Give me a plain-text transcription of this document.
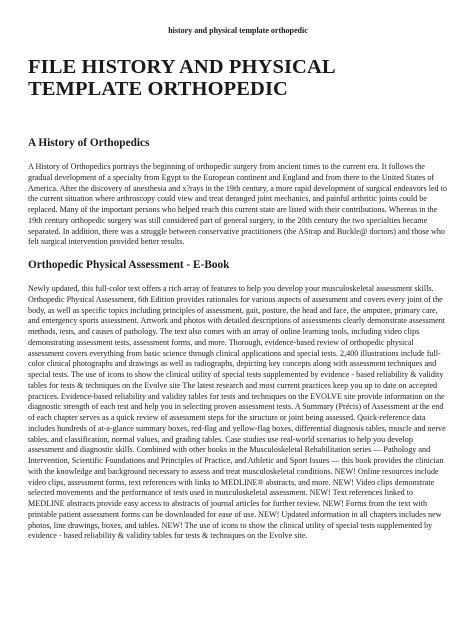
history and physical template orthopedic
FILE HISTORY AND PHYSICAL TEMPLATE ORTHOPEDIC
A History of Orthopedics

A History of Orthopedics portrays the beginning of orthopedic surgery from ancient times to the current era. It follows the gradual development of a specialty from Egypt to the European continent and England and from there to the United States of America. After the discovery of anesthesia and x?rays in the 19th century, a more rapid development of surgical endeavors led to the current situation where arthroscopy could view and treat deranged joint mechanics, and painful arthritic joints could be replaced. Many of the important persons who helped reach this current state are listed with their contributions. Whereas in the 19th century orthopedic surgery was still considered part of general surgery, in the 20th century the two specialties became separated. In addition, there was a struggle between conservative practitioners (the AStrap and Buckle@ doctors) and those who felt surgical intervention provided better results.

Orthopedic Physical Assessment - E-Book

Newly updated, this full-color text offers a rich array of features to help you develop your musculoskeletal assessment skills. Orthopedic Physical Assessment, 6th Edition provides rationales for various aspects of assessment and covers every joint of the body, as well as specific topics including principles of assessment, gait, posture, the head and face, the amputee, primary care, and emergency sports assessment. Artwork and photos with detailed descriptions of assessments clearly demonstrate assessment methods, tests, and causes of pathology. The text also comes with an array of online learning tools, including video clips demonstrating assessment tests, assessment forms, and more. Thorough, evidence-based review of orthopedic physical assessment covers everything from basic science through clinical applications and special tests. 2,400 illustrations include full-color clinical photographs and drawings as well as radiographs, depicting key concepts along with assessment techniques and special tests. The use of icons to show the clinical utility of special tests supplemented by evidence - based reliability & validity tables for tests & techniques on the Evolve site The latest research and most current practices keep you up to date on accepted practices. Evidence-based reliability and validity tables for tests and techniques on the EVOLVE site provide information on the diagnostic strength of each test and help you in selecting proven assessment tests. A Summary (Précis) of Assessment at the end of each chapter serves as a quick review of assessment steps for the structure or joint being assessed. Quick-reference data includes hundreds of at-a-glance summary boxes, red-flag and yellow-flag boxes, differential diagnosis tables, muscle and nerve tables, and classification, normal values, and grading tables. Case studies use real-world scenarios to help you develop assessment and diagnostic skills. Combined with other books in the Musculoskeletal Rehabilitation series — Pathology and Intervention, Scientific Foundations and Principles of Practice, and Athletic and Sport Issues — this book provides the clinician with the knowledge and background necessary to assess and treat musculoskeletal conditions. NEW! Online resources include video clips, assessment forms, text references with links to MEDLINE® abstracts, and more. NEW! Video clips demonstrate selected movements and the performance of tests used in musculoskeletal assessment. NEW! Text references linked to MEDLINE abstracts provide easy access to abstracts of journal articles for further review. NEW! Forms from the text with printable patient assessment forms can be downloaded for ease of use. NEW! Updated information in all chapters includes new photos, line drawings, boxes, and tables. NEW! The use of icons to show the clinical utility of special tests supplemented by evidence - based reliability & validity tables for tests & techniques on the Evolve site.
